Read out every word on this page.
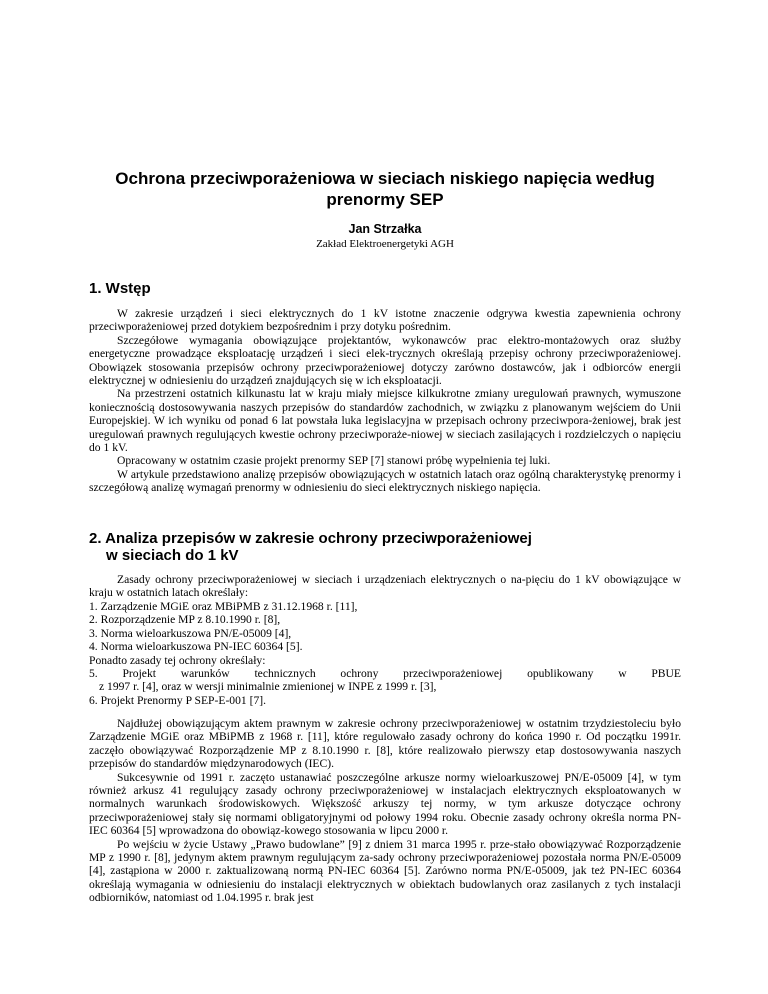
Ochrona przeciwporażeniowa w sieciach niskiego napięcia według prenormy SEP
Jan Strzałka
Zakład Elektroenergetyki AGH
1. Wstęp

W zakresie urządzeń i sieci elektrycznych do 1 kV istotne znaczenie odgrywa kwestia zapewnienia ochrony przeciwporażeniowej przed dotykiem bezpośrednim i przy dotyku pośrednim.

Szczegółowe wymagania obowiązujące projektantów, wykonawców prac elektro-montażowych oraz służby energetyczne prowadzące eksploatację urządzeń i sieci elek-trycznych określają przepisy ochrony przeciwporażeniowej. Obowiązek stosowania przepisów ochrony przeciwporażeniowej dotyczy zarówno dostawców, jak i odbiorców energii elektrycznej w odniesieniu do urządzeń znajdujących się w ich eksploatacji.

Na przestrzeni ostatnich kilkunastu lat w kraju miały miejsce kilkukrotne zmiany uregulowań prawnych, wymuszone koniecznością dostosowywania naszych przepisów do standardów zachodnich, w związku z planowanym wejściem do Unii Europejskiej. W ich wyniku od ponad 6 lat powstała luka legislacyjna w przepisach ochrony przeciwpora-żeniowej, brak jest uregulowań prawnych regulujących kwestie ochrony przeciwporaże-niowej w sieciach zasilających i rozdzielczych o napięciu do 1 kV.

Opracowany w ostatnim czasie projekt prenormy SEP [7] stanowi próbę wypełnienia tej luki.

W artykule przedstawiono analizę przepisów obowiązujących w ostatnich latach oraz ogólną charakterystykę prenormy i szczegółową analizę wymagań prenormy w odniesieniu do sieci elektrycznych niskiego napięcia.

2. Analiza przepisów w zakresie ochrony przeciwporażeniowej
w sieciach do 1 kV

Zasady ochrony przeciwporażeniowej w sieciach i urządzeniach elektrycznych o na-pięciu do 1 kV obowiązujące w kraju w ostatnich latach określały:

1. Zarządzenie MGiE oraz MBiPMB z 31.12.1968 r. [11],
2. Rozporządzenie MP z 8.10.1990 r. [8],
3. Norma wieloarkuszowa PN/E-05009 [4],
4. Norma wieloarkuszowa PN-IEC 60364 [5].
Ponadto zasady tej ochrony określały:
5. Projekt warunków technicznych ochrony przeciwporażeniowej opublikowany w PBUE
z 1997 r. [4], oraz w wersji minimalnie zmienionej w INPE z 1999 r. [3],
6. Projekt Prenormy P SEP-E-001 [7].

Najdłużej obowiązującym aktem prawnym w zakresie ochrony przeciwporażeniowej w ostatnim trzydziestoleciu było Zarządzenie MGiE oraz MBiPMB z 1968 r. [11], które regulowało zasady ochrony do końca 1990 r. Od początku 1991r. zaczęło obowiązywać Rozporządzenie MP z 8.10.1990 r. [8], które realizowało pierwszy etap dostosowywania naszych przepisów do standardów międzynarodowych (IEC).

Sukcesywnie od 1991 r. zaczęto ustanawiać poszczególne arkusze normy wieloarkuszowej PN/E-05009 [4], w tym również arkusz 41 regulujący zasady ochrony przeciwporażeniowej w instalacjach elektrycznych eksploatowanych w normalnych warunkach środowiskowych. Większość arkuszy tej normy, w tym arkusze dotyczące ochrony przeciwporażeniowej stały się normami obligatoryjnymi od połowy 1994 roku. Obecnie zasady ochrony określa norma PN-IEC 60364 [5] wprowadzona do obowiąz-kowego stosowania w lipcu 2000 r.

Po wejściu w życie Ustawy „Prawo budowlane” [9] z dniem 31 marca 1995 r. prze-stało obowiązywać Rozporządzenie MP z 1990 r. [8], jedynym aktem prawnym regulującym za-sady ochrony przeciwporażeniowej pozostała norma PN/E-05009 [4], zastąpiona w 2000 r. zaktualizowaną normą PN-IEC 60364 [5]. Zarówno norma PN/E-05009, jak też PN-IEC 60364 określają wymagania w odniesieniu do instalacji elektrycznych w obiektach budowlanych oraz zasilanych z tych instalacji odbiorników, natomiast od 1.04.1995 r. brak jest
